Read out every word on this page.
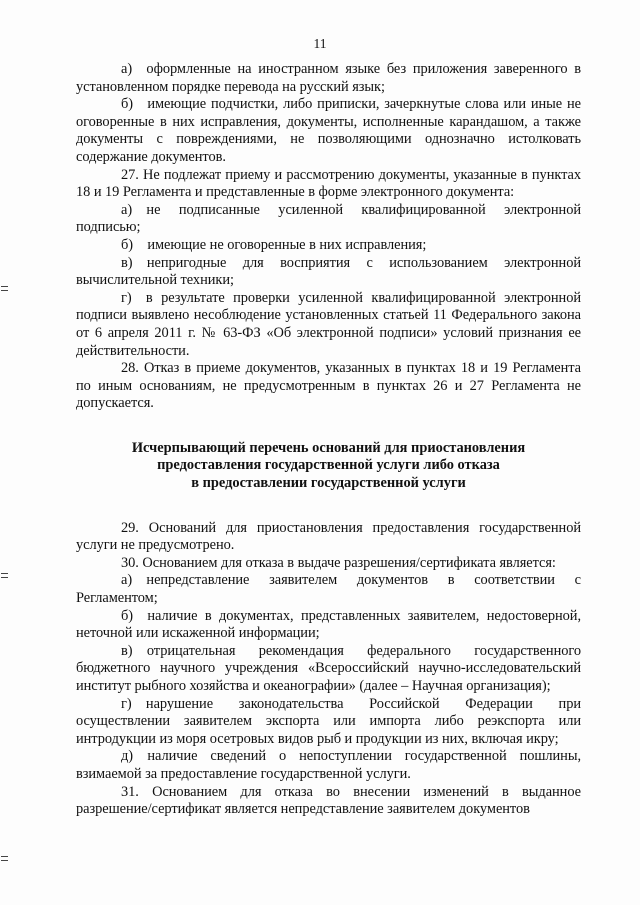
11

а) оформленные на иностранном языке без приложения заверенного в установленном порядке перевода на русский язык;

б) имеющие подчистки, либо приписки, зачеркнутые слова или иные не оговоренные в них исправления, документы, исполненные карандашом, а также документы с повреждениями, не позволяющими однозначно истолковать содержание документов.

27. Не подлежат приему и рассмотрению документы, указанные в пунктах 18 и 19 Регламента и представленные в форме электронного документа:

а) не подписанные усиленной квалифицированной электронной подписью;

б) имеющие не оговоренные в них исправления;

в) непригодные для восприятия с использованием электронной вычислительной техники;

г) в результате проверки усиленной квалифицированной электронной подписи выявлено несоблюдение установленных статьей 11 Федерального закона от 6 апреля 2011 г. № 63-ФЗ «Об электронной подписи» условий признания ее действительности.

28. Отказ в приеме документов, указанных в пунктах 18 и 19 Регламента по иным основаниям, не предусмотренным в пунктах 26 и 27 Регламента не допускается.

Исчерпывающий перечень оснований для приостановления
предоставления государственной услуги либо отказа
в предоставлении государственной услуги

29. Оснований для приостановления предоставления государственной услуги не предусмотрено.

30. Основанием для отказа в выдаче разрешения/сертификата является:

а) непредставление заявителем документов в соответствии с Регламентом;

б) наличие в документах, представленных заявителем, недостоверной, неточной или искаженной информации;

в) отрицательная рекомендация федерального государственного бюджетного научного учреждения «Всероссийский научно-исследовательский институт рыбного хозяйства и океанографии» (далее – Научная организация);

г) нарушение законодательства Российской Федерации при осуществлении заявителем экспорта или импорта либо реэкспорта или интродукции из моря осетровых видов рыб и продукции из них, включая икру;

д) наличие сведений о непоступлении государственной пошлины, взимаемой за предоставление государственной услуги.

31. Основанием для отказа во внесении изменений в выданное разрешение/сертификат является непредставление заявителем документов
